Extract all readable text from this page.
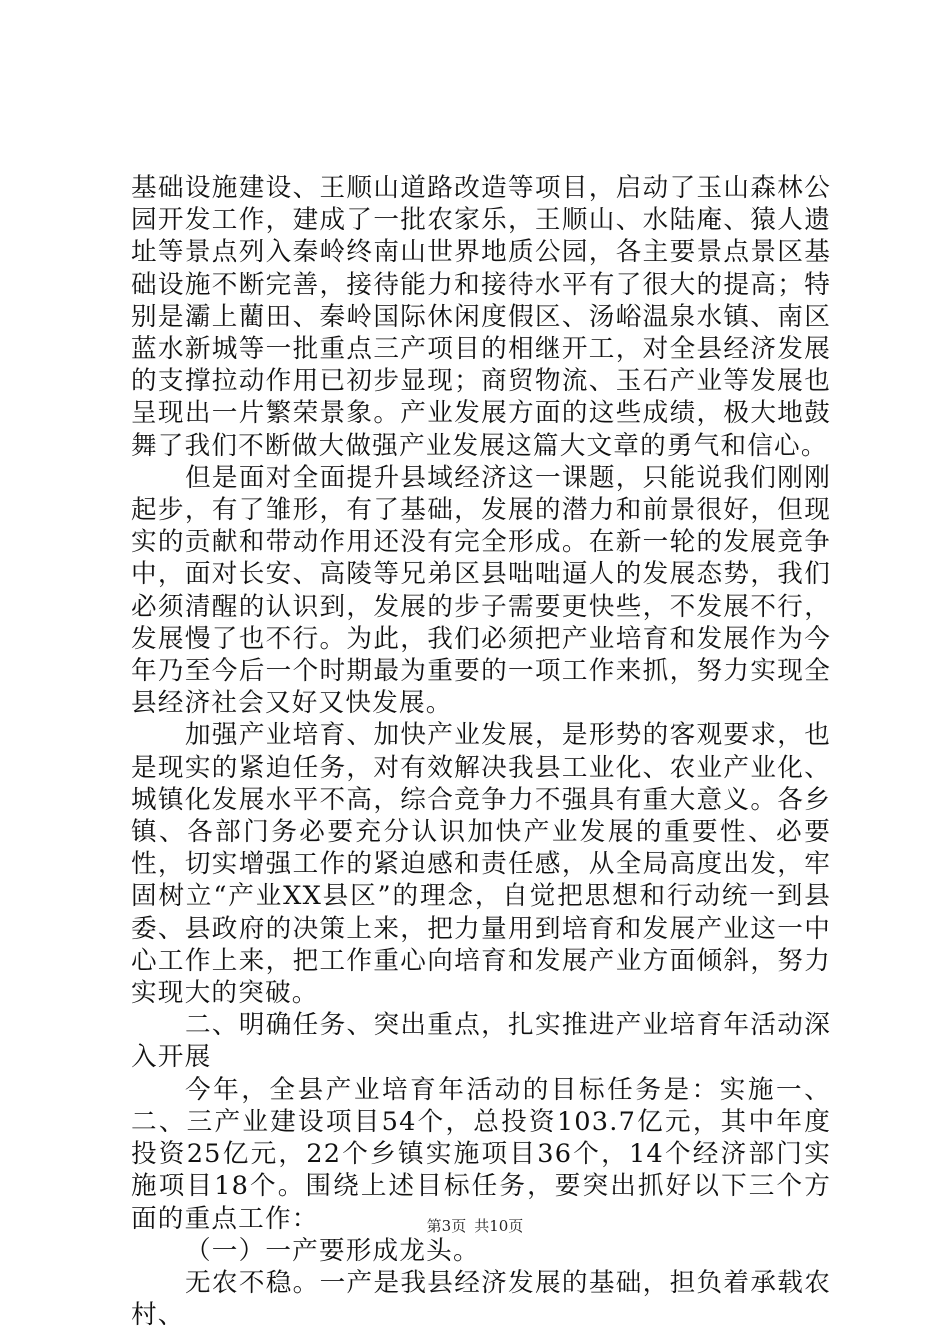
基础设施建设、王顺山道路改造等项目，启动了玉山森林公园开发工作，建成了一批农家乐，王顺山、水陆庵、猿人遗址等景点列入秦岭终南山世界地质公园，各主要景点景区基础设施不断完善，接待能力和接待水平有了很大的提高；特别是灞上藺田、秦岭国际休闲度假区、汤峪温泉水镇、南区蓝水新城等一批重点三产项目的相继开工，对全县经济发展的支撑拉动作用已初步显现；商贸物流、玉石产业等发展也呈现出一片繁荣景象。产业发展方面的这些成绩，极大地鼓舞了我们不断做大做强产业发展这篇大文章的勇气和信心。

但是面对全面提升县域经济这一课题，只能说我们刚刚起步，有了雏形，有了基础，发展的潜力和前景很好，但现实的贡献和带动作用还没有完全形成。在新一轮的发展竞争中，面对长安、高陵等兄弟区县咄咄逼人的发展态势，我们必须清醒的认识到，发展的步子需要更快些，不发展不行，发展慢了也不行。为此，我们必须把产业培育和发展作为今年乃至今后一个时期最为重要的一项工作来抓，努力实现全县经济社会又好又快发展。

加强产业培育、加快产业发展，是形势的客观要求，也是现实的紧迫任务，对有效解决我县工业化、农业产业化、城镇化发展水平不高，综合竞争力不强具有重大意义。各乡镇、各部门务必要充分认识加快产业发展的重要性、必要性，切实增强工作的紧迫感和责任感，从全局高度出发，牢固树立“产业XX县区”的理念，自觉把思想和行动统一到县委、县政府的决策上来，把力量用到培育和发展产业这一中心工作上来，把工作重心向培育和发展产业方面倾斜，努力实现大的突破。

二、明确任务、突出重点，扎实推进产业培育年活动深入开展

今年，全县产业培育年活动的目标任务是：实施一、二、三产业建设项目54个，总投资103.7亿元，其中年度投资25亿元，22个乡镇实施项目36个，14个经济部门实施项目18个。围绕上述目标任务，要突出抓好以下三个方面的重点工作：

（一）一产要形成龙头。

无农不稳。一产是我县经济发展的基础，担负着承载农村、

第3页 共10页
